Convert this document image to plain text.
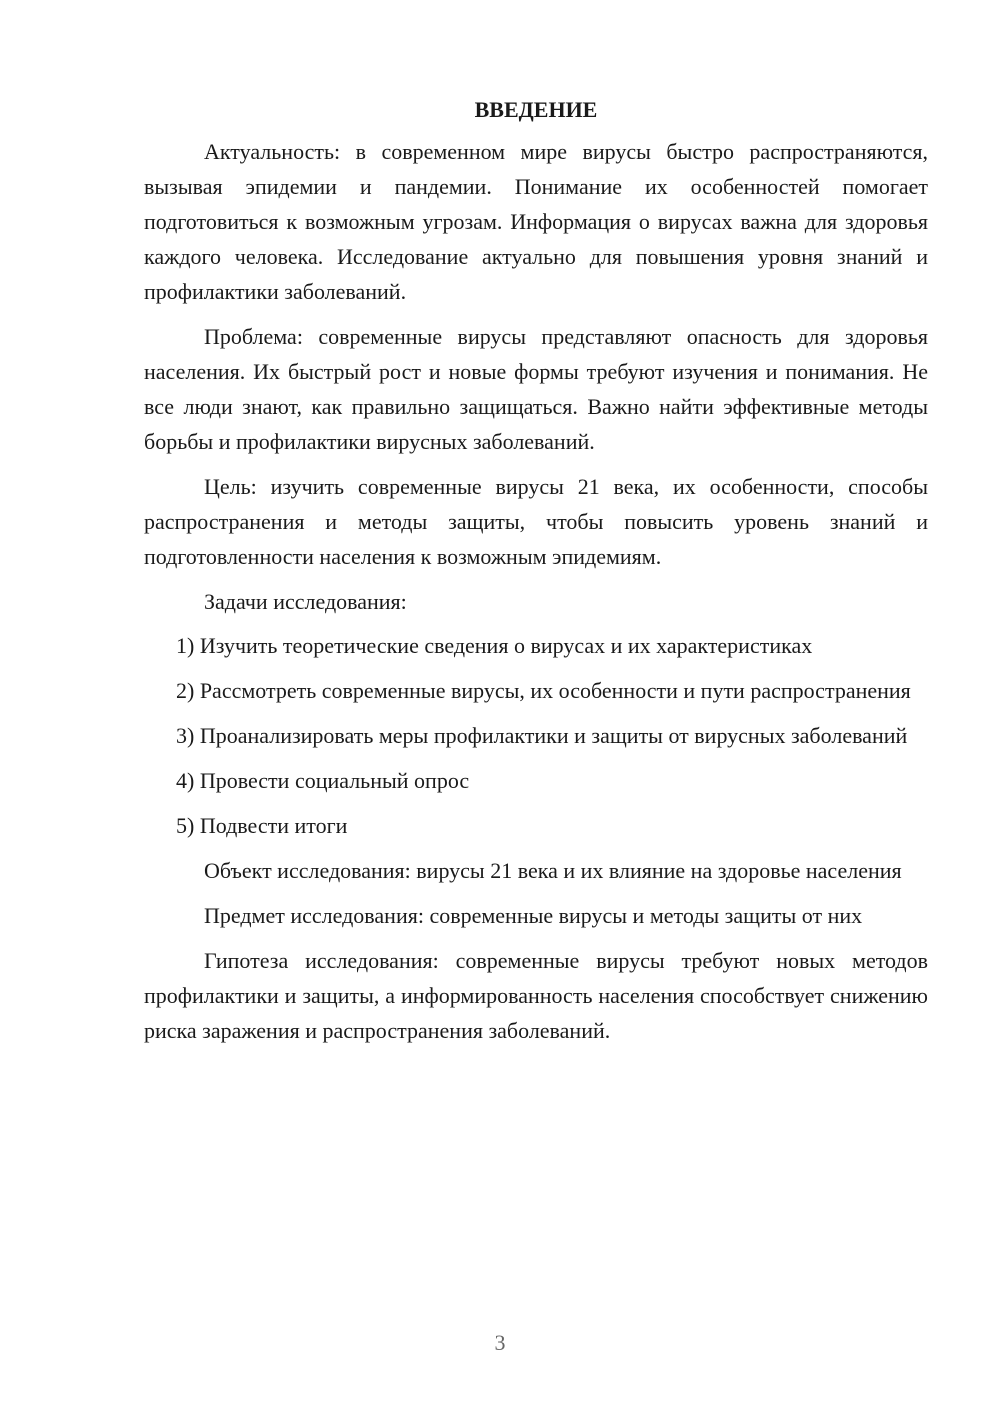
ВВЕДЕНИЕ

Актуальность: в современном мире вирусы быстро распространяются, вызывая эпидемии и пандемии. Понимание их особенностей помогает подготовиться к возможным угрозам. Информация о вирусах важна для здоровья каждого человека. Исследование актуально для повышения уровня знаний и профилактики заболеваний.

Проблема: современные вирусы представляют опасность для здоровья населения. Их быстрый рост и новые формы требуют изучения и понимания. Не все люди знают, как правильно защищаться. Важно найти эффективные методы борьбы и профилактики вирусных заболеваний.

Цель: изучить современные вирусы 21 века, их особенности, способы распространения и методы защиты, чтобы повысить уровень знаний и подготовленности населения к возможным эпидемиям.

Задачи исследования:

1) Изучить теоретические сведения о вирусах и их характеристиках

2) Рассмотреть современные вирусы, их особенности и пути распространения

3) Проанализировать меры профилактики и защиты от вирусных заболеваний

4) Провести социальный опрос

5) Подвести итоги

Объект исследования: вирусы 21 века и их влияние на здоровье населения

Предмет исследования: современные вирусы и методы защиты от них

Гипотеза исследования: современные вирусы требуют новых методов профилактики и защиты, а информированность населения способствует снижению риска заражения и распространения заболеваний.

3
